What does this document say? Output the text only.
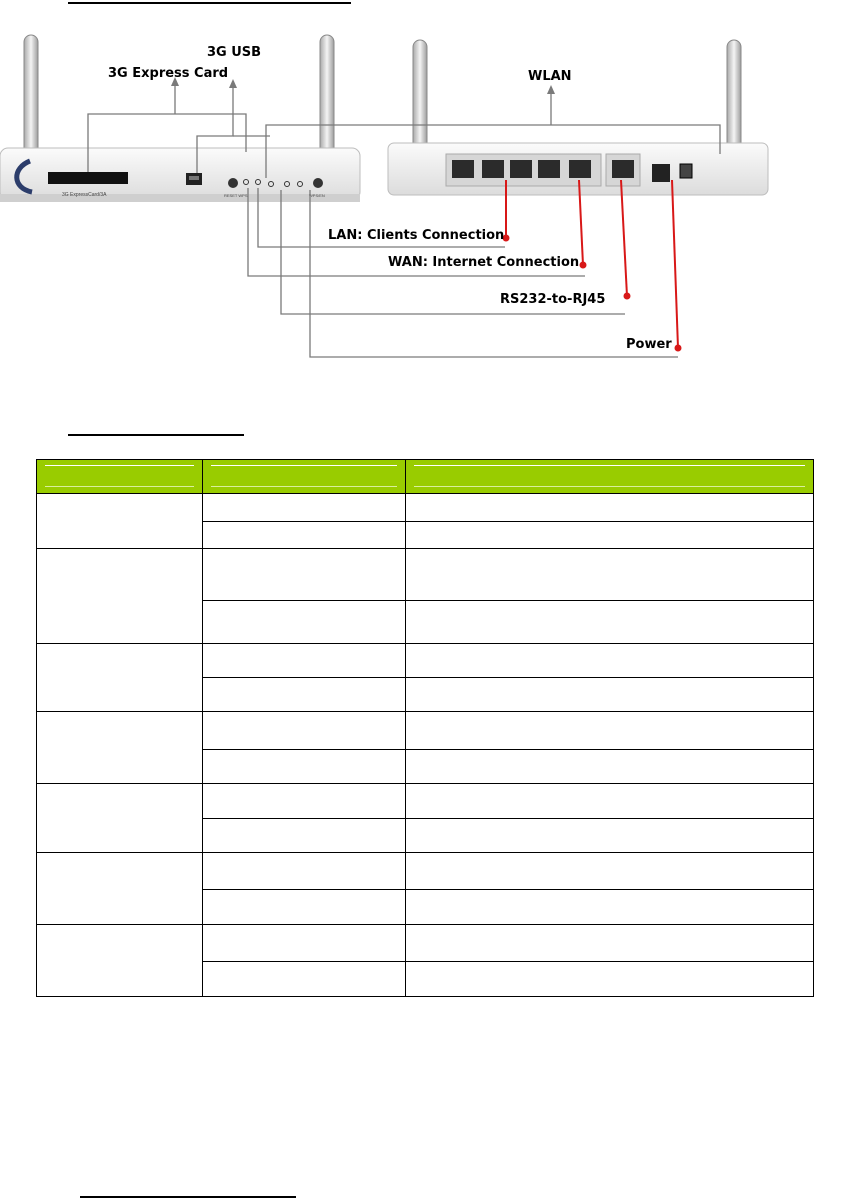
3G ExpressCard/3A	RESET WPS	WPS/EN
3G Express Card
3G USB
WLAN
LAN: Clients Connection
WAN: Internet Connection
RS232-to-RJ45
Power
